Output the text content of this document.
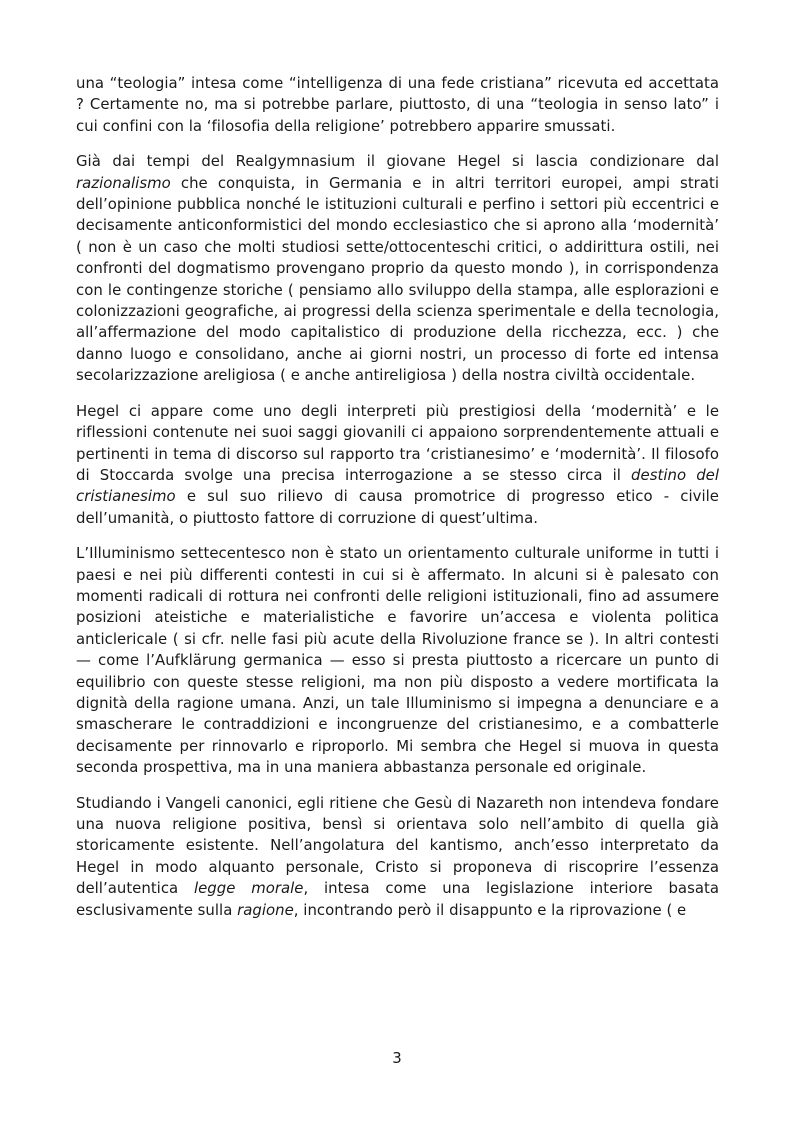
una “teologia” intesa come “intelligenza di una fede cristiana” ricevuta ed accettata ? Certamente no, ma si potrebbe parlare, piuttosto, di una “teologia in senso lato” i cui confini con la ‘filosofia della religione’ potrebbero apparire smussati.

Già dai tempi del Realgymnasium il giovane Hegel si lascia condizionare dal razionalismo che conquista, in Germania e in altri territori europei, ampi strati dell’opinione pubblica nonché le istituzioni culturali e perfino i settori più eccentrici e decisamente anticonformistici del mondo ecclesiastico che si aprono alla ‘modernità’ ( non è un caso che molti studiosi sette/ottocenteschi critici, o addirittura ostili, nei confronti del dogmatismo provengano proprio da questo mondo ), in corrispondenza con le contingenze storiche ( pensiamo allo sviluppo della stampa, alle esplorazioni e colonizzazioni geografiche, ai progressi della scienza sperimentale e della tecnologia, all’affermazione del modo capitalistico di produzione della ricchezza, ecc. ) che danno luogo e consolidano, anche ai giorni nostri, un processo di forte ed intensa secolarizzazione areligiosa ( e anche antireligiosa ) della nostra civiltà occidentale.

Hegel ci appare come uno degli interpreti più prestigiosi della ‘modernità’ e le riflessioni contenute nei suoi saggi giovanili ci appaiono sorprendentemente attuali e pertinenti in tema di discorso sul rapporto tra ‘cristianesimo’ e ‘modernità’. Il filosofo di Stoccarda svolge una precisa interrogazione a se stesso circa il destino del cristianesimo e sul suo rilievo di causa promotrice di progresso etico - civile dell’umanità, o piuttosto fattore di corruzione di quest’ultima.

L’Illuminismo settecentesco non è stato un orientamento culturale uniforme in tutti i paesi e nei più differenti contesti in cui si è affermato. In alcuni si è palesato con momenti radicali di rottura nei confronti delle religioni istituzionali, fino ad assumere posizioni ateistiche e materialistiche e favorire un’accesa e violenta politica anticlericale ( si cfr. nelle fasi più acute della Rivoluzione france se ). In altri contesti — come l’Aufklärung germanica — esso si presta piuttosto a ricercare un punto di equilibrio con queste stesse religioni, ma non più disposto a vedere mortificata la dignità della ragione umana. Anzi, un tale Illuminismo si impegna a denunciare e a smascherare le contraddizioni e incongruenze del cristianesimo, e a combatterle decisamente per rinnovarlo e riproporlo. Mi sembra che Hegel si muova in questa seconda prospettiva, ma in una maniera abbastanza personale ed originale.

Studiando i Vangeli canonici, egli ritiene che Gesù di Nazareth non intendeva fondare una nuova religione positiva, bensì si orientava solo nell’ambito di quella già storicamente esistente. Nell’angolatura del kantismo, anch’esso interpretato da Hegel in modo alquanto personale, Cristo si proponeva di riscoprire l’essenza dell’autentica legge morale, intesa come una legislazione interiore basata esclusivamente sulla ragione, incontrando però il disappunto e la riprovazione ( e

3
